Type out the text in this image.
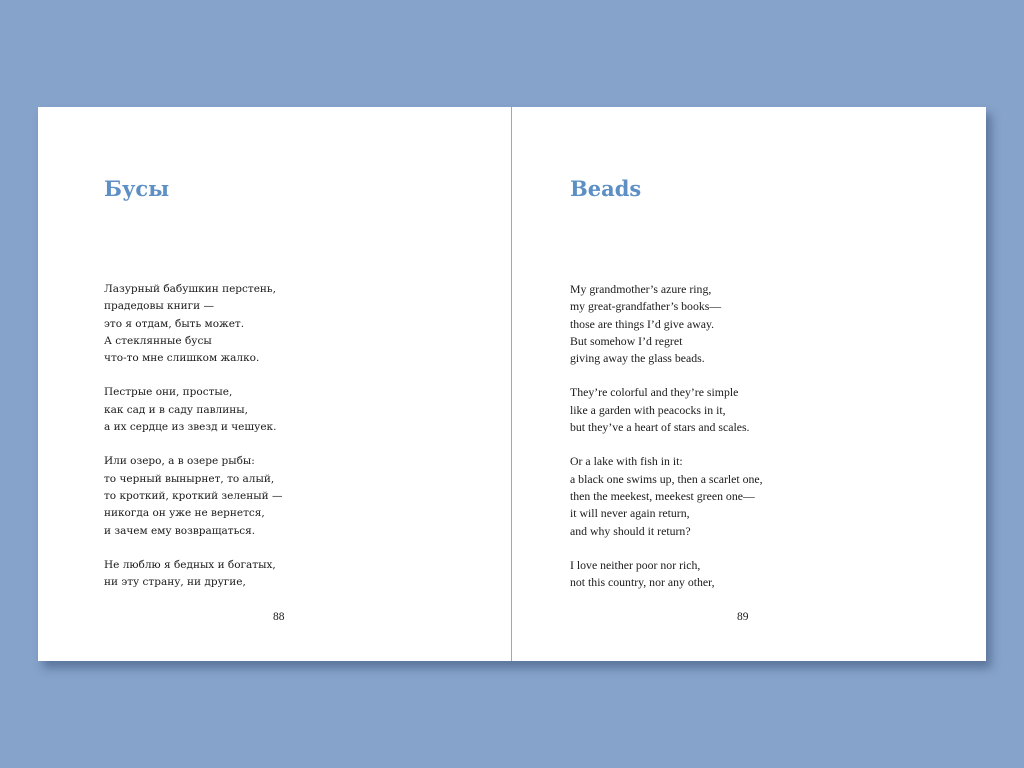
Бусы
Лазурный бабушкин перстень,
прадедовы книги —
это я отдам, быть может.
А стеклянные бусы
что-то мне слишком жалко.
Пестрые они, простые,
как сад и в саду павлины,
а их сердце из звезд и чешуек.
Или озеро, а в озере рыбы:
то черный вынырнет, то алый,
то кроткий, кроткий зеленый —
никогда он уже не вернется,
и зачем ему возвращаться.
Не люблю я бедных и богатых,
ни эту страну, ни другие,
88
Beads
My grandmother’s azure ring,
my great-grandfather’s books—
those are things I’d give away.
But somehow I’d regret
giving away the glass beads.
They’re colorful and they’re simple
like a garden with peacocks in it,
but they’ve a heart of stars and scales.
Or a lake with fish in it:
a black one swims up, then a scarlet one,
then the meekest, meekest green one—
it will never again return,
and why should it return?
I love neither poor nor rich,
not this country, nor any other,
89
